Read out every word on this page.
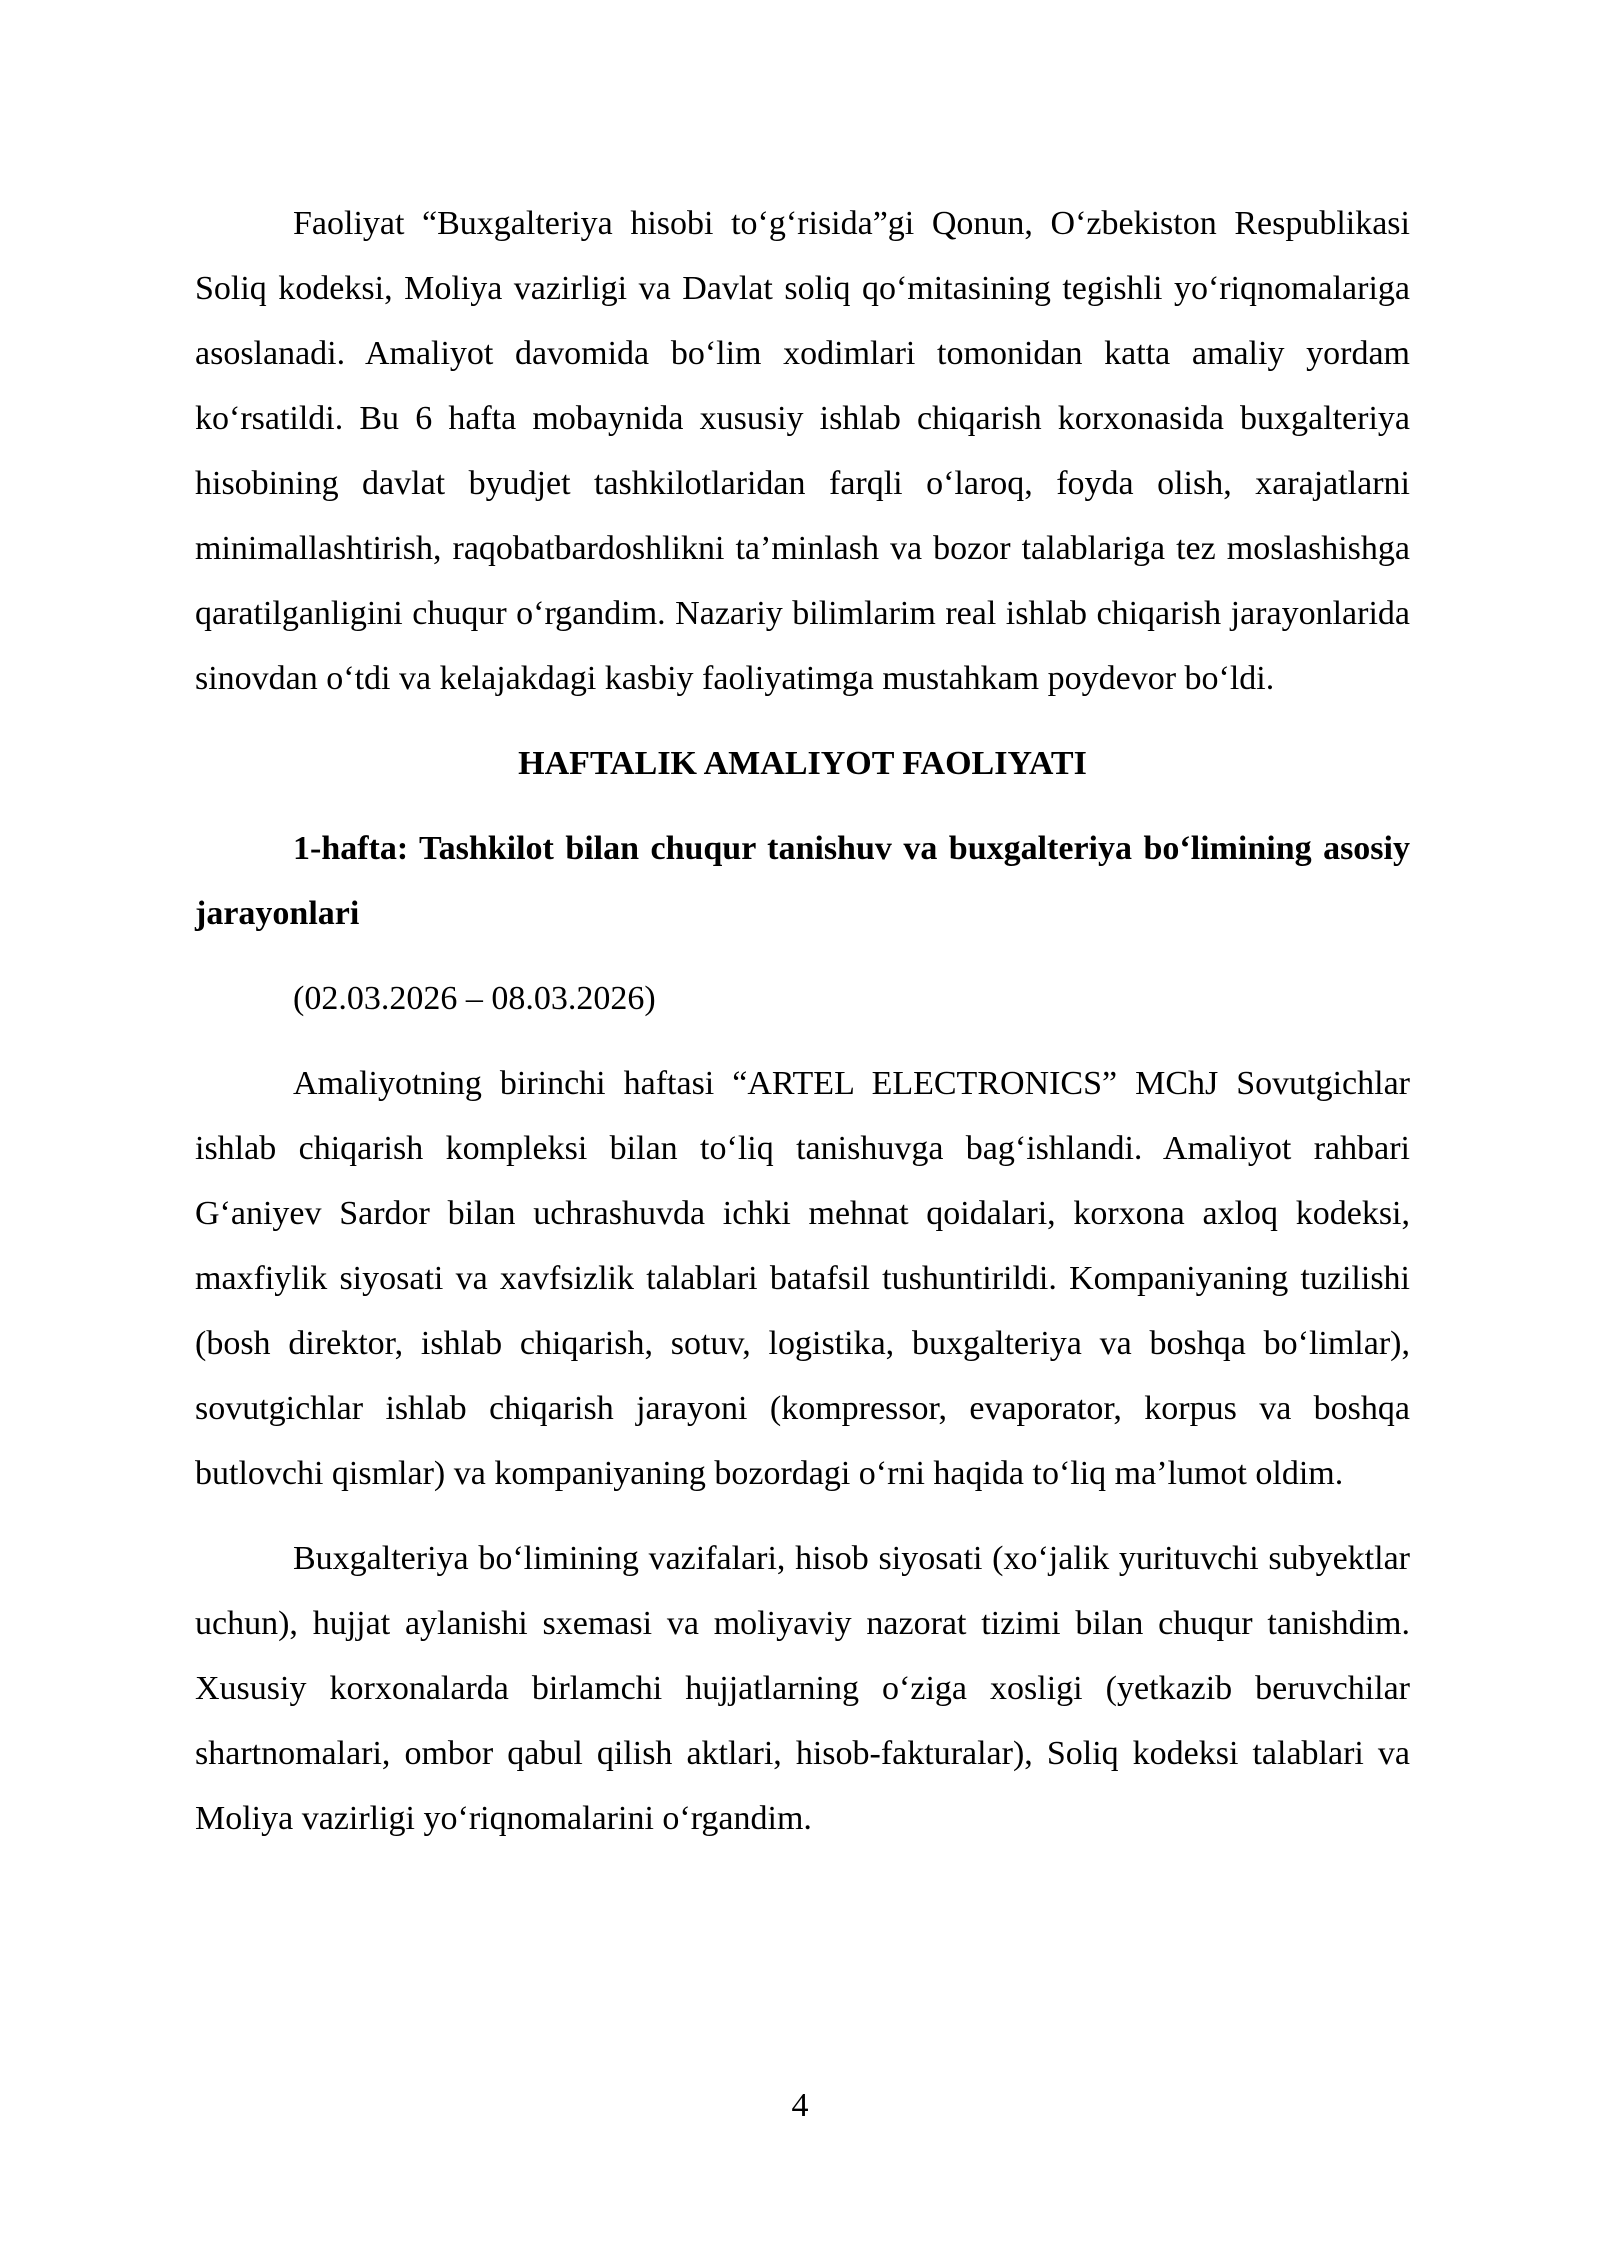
Faoliyat “Buxgalteriya hisobi to‘g‘risida”gi Qonun, O‘zbekiston Respublikasi Soliq kodeksi, Moliya vazirligi va Davlat soliq qo‘mitasining tegishli yo‘riqnomalariga asoslanadi. Amaliyot davomida bo‘lim xodimlari tomonidan katta amaliy yordam ko‘rsatildi. Bu 6 hafta mobaynida xususiy ishlab chiqarish korxonasida buxgalteriya hisobining davlat byudjet tashkilotlaridan farqli o‘laroq, foyda olish, xarajatlarni minimallashtirish, raqobatbardoshlikni ta’minlash va bozor talablariga tez moslashishga qaratilganligini chuqur o‘rgandim. Nazariy bilimlarim real ishlab chiqarish jarayonlarida sinovdan o‘tdi va kelajakdagi kasbiy faoliyatimga mustahkam poydevor bo‘ldi.

HAFTALIK AMALIYOT FAOLIYATI

1-hafta: Tashkilot bilan chuqur tanishuv va buxgalteriya bo‘limining asosiy jarayonlari

(02.03.2026 – 08.03.2026)

Amaliyotning birinchi haftasi “ARTEL ELECTRONICS” MChJ Sovutgichlar ishlab chiqarish kompleksi bilan to‘liq tanishuvga bag‘ishlandi. Amaliyot rahbari G‘aniyev Sardor bilan uchrashuvda ichki mehnat qoidalari, korxona axloq kodeksi, maxfiylik siyosati va xavfsizlik talablari batafsil tushuntirildi. Kompaniyaning tuzilishi (bosh direktor, ishlab chiqarish, sotuv, logistika, buxgalteriya va boshqa bo‘limlar), sovutgichlar ishlab chiqarish jarayoni (kompressor, evaporator, korpus va boshqa butlovchi qismlar) va kompaniyaning bozordagi o‘rni haqida to‘liq ma’lumot oldim.

Buxgalteriya bo‘limining vazifalari, hisob siyosati (xo‘jalik yurituvchi subyektlar uchun), hujjat aylanishi sxemasi va moliyaviy nazorat tizimi bilan chuqur tanishdim. Xususiy korxonalarda birlamchi hujjatlarning o‘ziga xosligi (yetkazib beruvchilar shartnomalari, ombor qabul qilish aktlari, hisob-fakturalar), Soliq kodeksi talablari va Moliya vazirligi yo‘riqnomalarini o‘rgandim.

4
